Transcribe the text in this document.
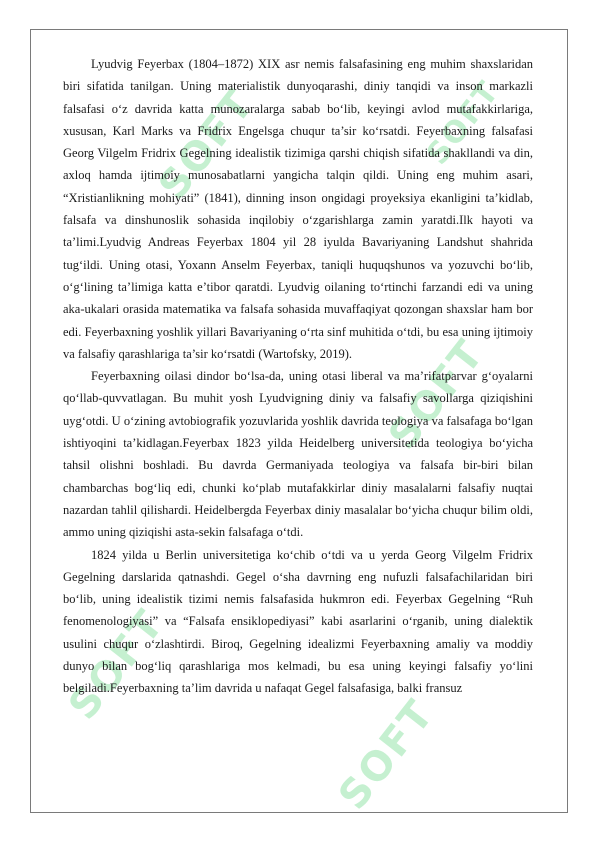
SOFT
SOFT
SOFT
SOFT
SOFT

Lyudvig Feyerbax (1804–1872) XIX asr nemis falsafasining eng muhim shaxslaridan biri sifatida tanilgan. Uning materialistik dunyoqarashi, diniy tanqidi va inson markazli falsafasi o‘z davrida katta munozaralarga sabab bo‘lib, keyingi avlod mutafakkirlariga, xususan, Karl Marks va Fridrix Engelsga chuqur ta’sir ko‘rsatdi. Feyerbaxning falsafasi Georg Vilgelm Fridrix Gegelning idealistik tizimiga qarshi chiqish sifatida shakllandi va din, axloq hamda ijtimoiy munosabatlarni yangicha talqin qildi. Uning eng muhim asari, “Xristianlikning mohiyati” (1841), dinning inson ongidagi proyeksiya ekanligini ta’kidlab, falsafa va dinshunoslik sohasida inqilobiy o‘zgarishlarga zamin yaratdi.Ilk hayoti va ta’limi.Lyudvig Andreas Feyerbax 1804 yil 28 iyulda Bavariyaning Landshut shahrida tug‘ildi. Uning otasi, Yoxann Anselm Feyerbax, taniqli huquqshunos va yozuvchi bo‘lib, o‘g‘lining ta’limiga katta e’tibor qaratdi. Lyudvig oilaning to‘rtinchi farzandi edi va uning aka-ukalari orasida matematika va falsafa sohasida muvaffaqiyat qozongan shaxslar ham bor edi. Feyerbaxning yoshlik yillari Bavariyaning o‘rta sinf muhitida o‘tdi, bu esa uning ijtimoiy va falsafiy qarashlariga ta’sir ko‘rsatdi (Wartofsky, 2019).

Feyerbaxning oilasi dindor bo‘lsa-da, uning otasi liberal va ma’rifatparvar g‘oyalarni qo‘llab-quvvatlagan. Bu muhit yosh Lyudvigning diniy va falsafiy savollarga qiziqishini uyg‘otdi. U o‘zining avtobiografik yozuvlarida yoshlik davrida teologiya va falsafaga bo‘lgan ishtiyoqini ta’kidlagan.Feyerbax 1823 yilda Heidelberg universitetida teologiya bo‘yicha tahsil olishni boshladi. Bu davrda Germaniyada teologiya va falsafa bir-biri bilan chambarchas bog‘liq edi, chunki ko‘plab mutafakkirlar diniy masalalarni falsafiy nuqtai nazardan tahlil qilishardi. Heidelbergda Feyerbax diniy masalalar bo‘yicha chuqur bilim oldi, ammo uning qiziqishi asta-sekin falsafaga o‘tdi.

1824 yilda u Berlin universitetiga ko‘chib o‘tdi va u yerda Georg Vilgelm Fridrix Gegelning darslarida qatnashdi. Gegel o‘sha davrning eng nufuzli falsafachilaridan biri bo‘lib, uning idealistik tizimi nemis falsafasida hukmron edi. Feyerbax Gegelning “Ruh fenomenologiyasi” va “Falsafa ensiklopediyasi” kabi asarlarini o‘rganib, uning dialektik usulini chuqur o‘zlashtirdi. Biroq, Gegelning idealizmi Feyerbaxning amaliy va moddiy dunyo bilan bog‘liq qarashlariga mos kelmadi, bu esa uning keyingi falsafiy yo‘lini belgiladi.Feyerbaxning ta’lim davrida u nafaqat Gegel falsafasiga, balki fransuz
